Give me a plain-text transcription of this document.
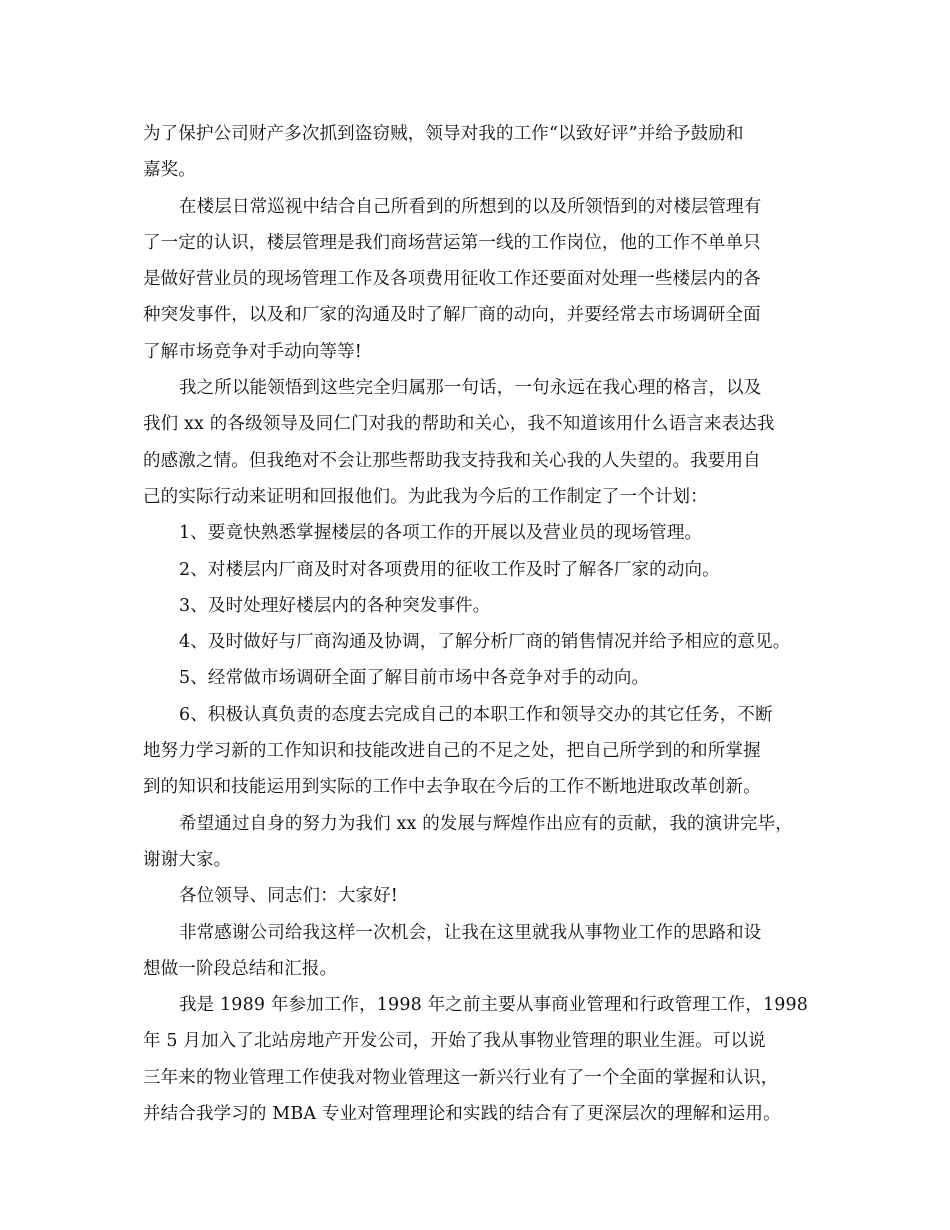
为了保护公司财产多次抓到盗窃贼，领导对我的工作“以致好评”并给予鼓励和
嘉奖。
在楼层日常巡视中结合自己所看到的所想到的以及所领悟到的对楼层管理有
了一定的认识，楼层管理是我们商场营运第一线的工作岗位，他的工作不单单只
是做好营业员的现场管理工作及各项费用征收工作还要面对处理一些楼层内的各
种突发事件，以及和厂家的沟通及时了解厂商的动向，并要经常去市场调研全面
了解市场竞争对手动向等等!
我之所以能领悟到这些完全归属那一句话，一句永远在我心理的格言，以及
我们 xx 的各级领导及同仁门对我的帮助和关心，我不知道该用什么语言来表达我
的感激之情。但我绝对不会让那些帮助我支持我和关心我的人失望的。我要用自
己的实际行动来证明和回报他们。为此我为今后的工作制定了一个计划：
1、要竟快熟悉掌握楼层的各项工作的开展以及营业员的现场管理。
2、对楼层内厂商及时对各项费用的征收工作及时了解各厂家的动向。
3、及时处理好楼层内的各种突发事件。
4、及时做好与厂商沟通及协调，了解分析厂商的销售情况并给予相应的意见。
5、经常做市场调研全面了解目前市场中各竞争对手的动向。
6、积极认真负责的态度去完成自己的本职工作和领导交办的其它任务，不断
地努力学习新的工作知识和技能改进自己的不足之处，把自己所学到的和所掌握
到的知识和技能运用到实际的工作中去争取在今后的工作不断地进取改革创新。
希望通过自身的努力为我们 xx 的发展与辉煌作出应有的贡献，我的演讲完毕，
谢谢大家。
各位领导、同志们：大家好!
非常感谢公司给我这样一次机会，让我在这里就我从事物业工作的思路和设
想做一阶段总结和汇报。
我是 1989 年参加工作，1998 年之前主要从事商业管理和行政管理工作，1998
年 5 月加入了北站房地产开发公司，开始了我从事物业管理的职业生涯。可以说
三年来的物业管理工作使我对物业管理这一新兴行业有了一个全面的掌握和认识，
并结合我学习的 MBA 专业对管理理论和实践的结合有了更深层次的理解和运用。
